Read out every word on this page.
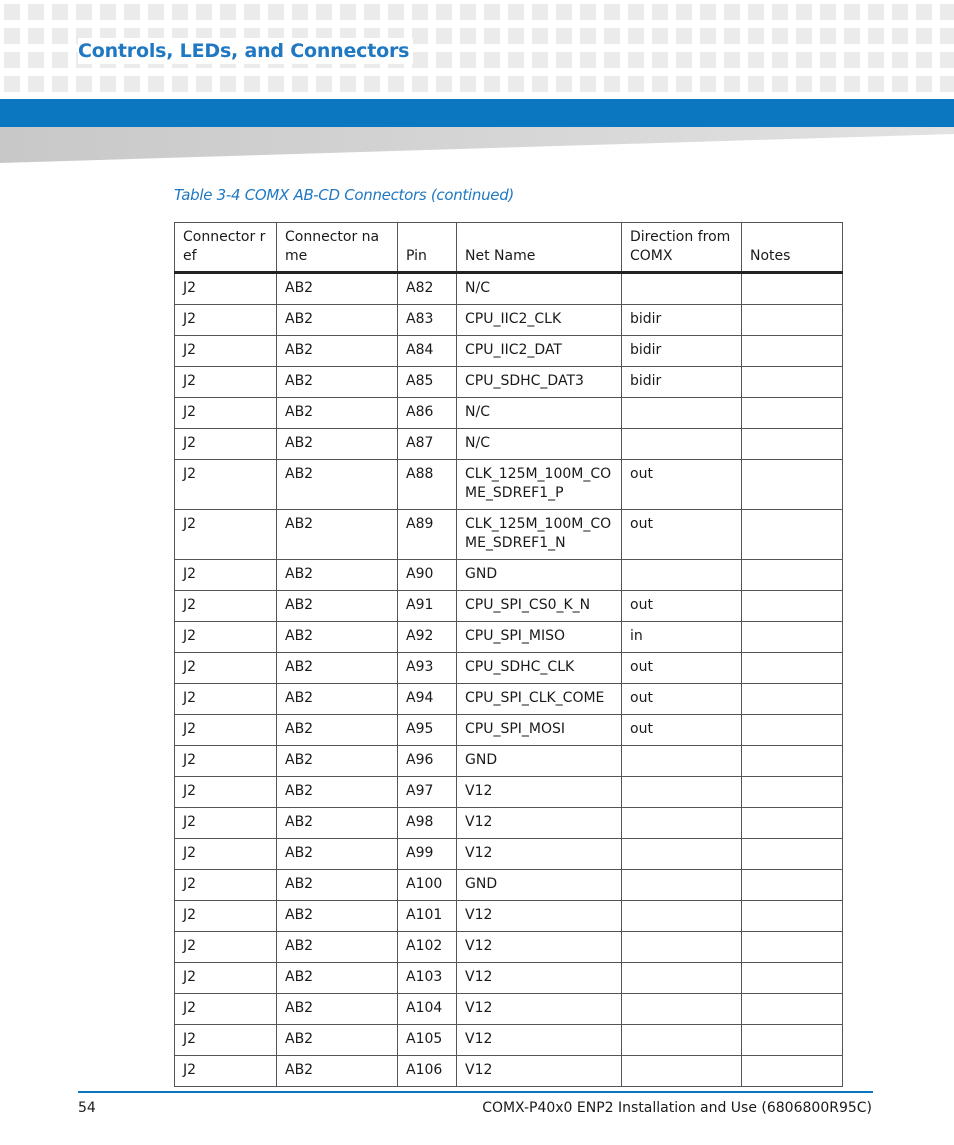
Controls, LEDs, and Connectors
Table 3-4 COMX AB-CD Connectors (continued)
Connector ref	Connector name	Pin	Net Name	Direction from COMX	Notes
J2	AB2	A82	N/C		
J2	AB2	A83	CPU_IIC2_CLK	bidir	
J2	AB2	A84	CPU_IIC2_DAT	bidir	
J2	AB2	A85	CPU_SDHC_DAT3	bidir	
J2	AB2	A86	N/C		
J2	AB2	A87	N/C		
J2	AB2	A88	CLK_125M_100M_COME_SDREF1_P	out	
J2	AB2	A89	CLK_125M_100M_COME_SDREF1_N	out	
J2	AB2	A90	GND		
J2	AB2	A91	CPU_SPI_CS0_K_N	out	
J2	AB2	A92	CPU_SPI_MISO	in	
J2	AB2	A93	CPU_SDHC_CLK	out	
J2	AB2	A94	CPU_SPI_CLK_COME	out	
J2	AB2	A95	CPU_SPI_MOSI	out	
J2	AB2	A96	GND		
J2	AB2	A97	V12		
J2	AB2	A98	V12		
J2	AB2	A99	V12		
J2	AB2	A100	GND		
J2	AB2	A101	V12		
J2	AB2	A102	V12		
J2	AB2	A103	V12		
J2	AB2	A104	V12		
J2	AB2	A105	V12		
J2	AB2	A106	V12		
54	COMX-P40x0 ENP2 Installation and Use (6806800R95C)
